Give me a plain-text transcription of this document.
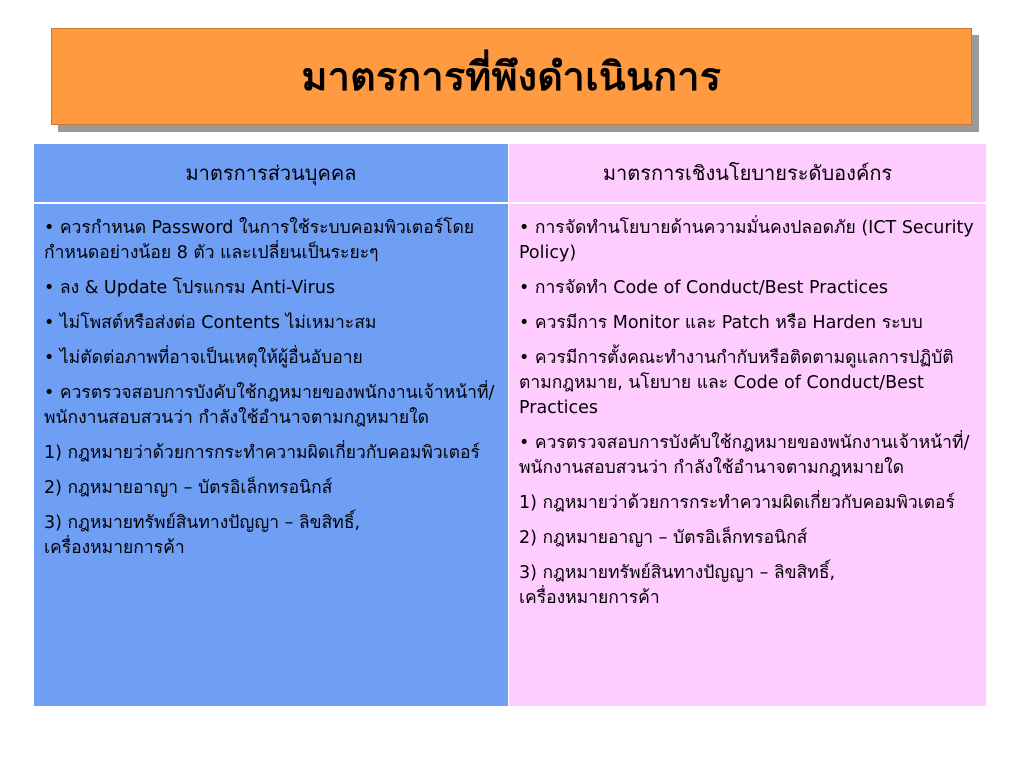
มาตรการที่พึงดำเนินการ
มาตรการส่วนบุคคล	มาตรการเชิงนโยบายระดับองค์กร

• ควรกำหนด Password ในการใช้ระบบคอมพิวเตอร์โดยกำหนดอย่างน้อย 8 ตัว และเปลี่ยนเป็นระยะๆ

• ลง & Update โปรแกรม Anti-Virus

• ไม่โพสต์หรือส่งต่อ Contents ไม่เหมาะสม

• ไม่ตัดต่อภาพที่อาจเป็นเหตุให้ผู้อื่นอับอาย

• ควรตรวจสอบการบังคับใช้กฎหมายของพนักงานเจ้าหน้าที่/พนักงานสอบสวนว่า กำลังใช้อำนาจตามกฎหมายใด

1) กฎหมายว่าด้วยการกระทำความผิดเกี่ยวกับคอมพิวเตอร์

2) กฎหมายอาญา – บัตรอิเล็กทรอนิกส์

3) กฎหมายทรัพย์สินทางปัญญา – ลิขสิทธิ์, เครื่องหมายการค้า

• การจัดทำนโยบายด้านความมั่นคงปลอดภัย (ICT Security Policy)

• การจัดทำ Code of Conduct/Best Practices

• ควรมีการ Monitor และ Patch หรือ Harden ระบบ

• ควรมีการตั้งคณะทำงานกำกับหรือติดตามดูแลการปฏิบัติตามกฎหมาย, นโยบาย และ Code of Conduct/Best Practices

• ควรตรวจสอบการบังคับใช้กฎหมายของพนักงานเจ้าหน้าที่/พนักงานสอบสวนว่า กำลังใช้อำนาจตามกฎหมายใด

1) กฎหมายว่าด้วยการกระทำความผิดเกี่ยวกับคอมพิวเตอร์

2) กฎหมายอาญา – บัตรอิเล็กทรอนิกส์

3) กฎหมายทรัพย์สินทางปัญญา – ลิขสิทธิ์, เครื่องหมายการค้า
